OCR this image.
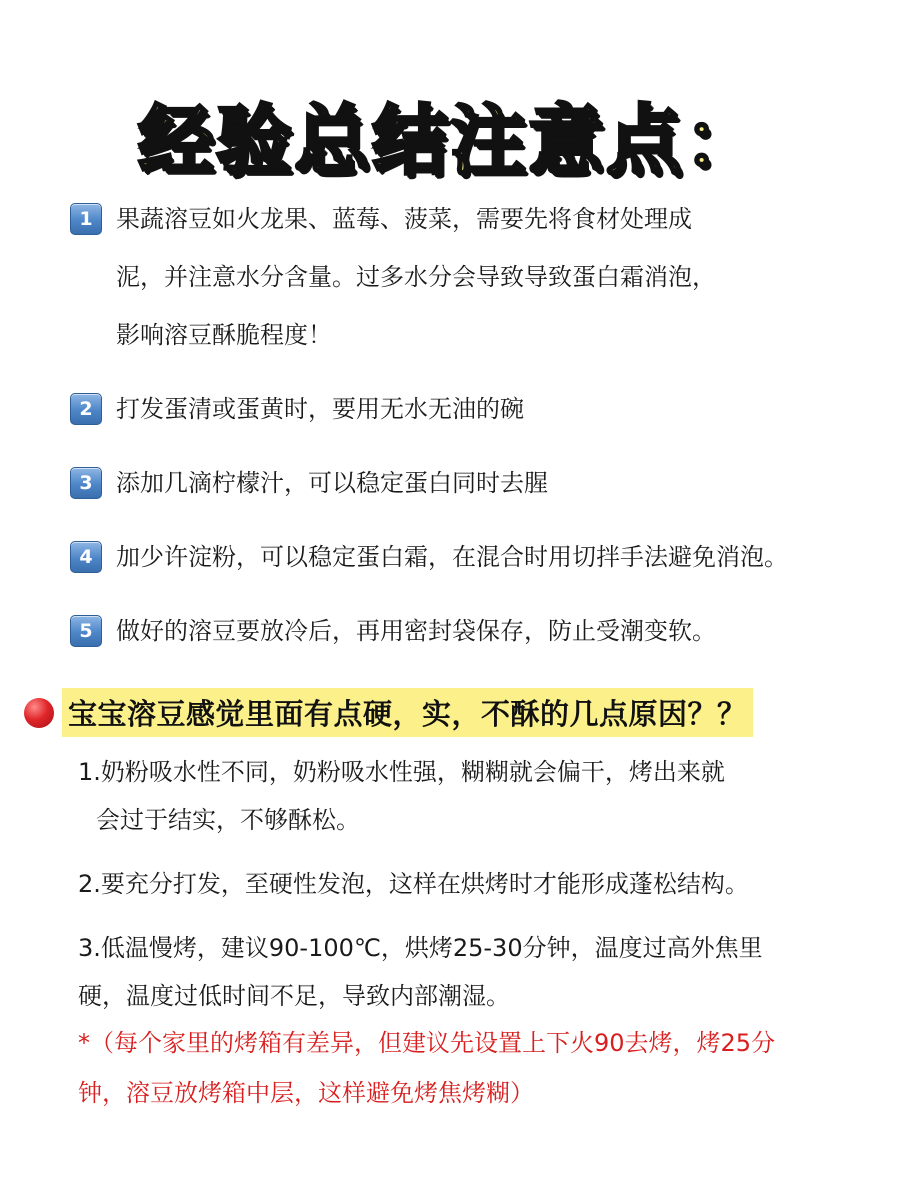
经验总结注意点：
1 果蔬溶豆如火龙果、蓝莓、菠菜，需要先将食材处理成
泥，并注意水分含量。过多水分会导致导致蛋白霜消泡，
影响溶豆酥脆程度！
2 打发蛋清或蛋黄时，要用无水无油的碗
3 添加几滴柠檬汁，可以稳定蛋白同时去腥
4 加少许淀粉，可以稳定蛋白霜，在混合时用切拌手法避免消泡。
5 做好的溶豆要放冷后，再用密封袋保存，防止受潮变软。
宝宝溶豆感觉里面有点硬，实，不酥的几点原因？？
1.奶粉吸水性不同，奶粉吸水性强，糊糊就会偏干，烤出来就
会过于结实，不够酥松。
2.要充分打发，至硬性发泡，这样在烘烤时才能形成蓬松结构。
3.低温慢烤，建议90-100℃，烘烤25-30分钟，温度过高外焦里
硬，温度过低时间不足，导致内部潮湿。
*（每个家里的烤箱有差异，但建议先设置上下火90去烤，烤25分
钟，溶豆放烤箱中层，这样避免烤焦烤糊）
